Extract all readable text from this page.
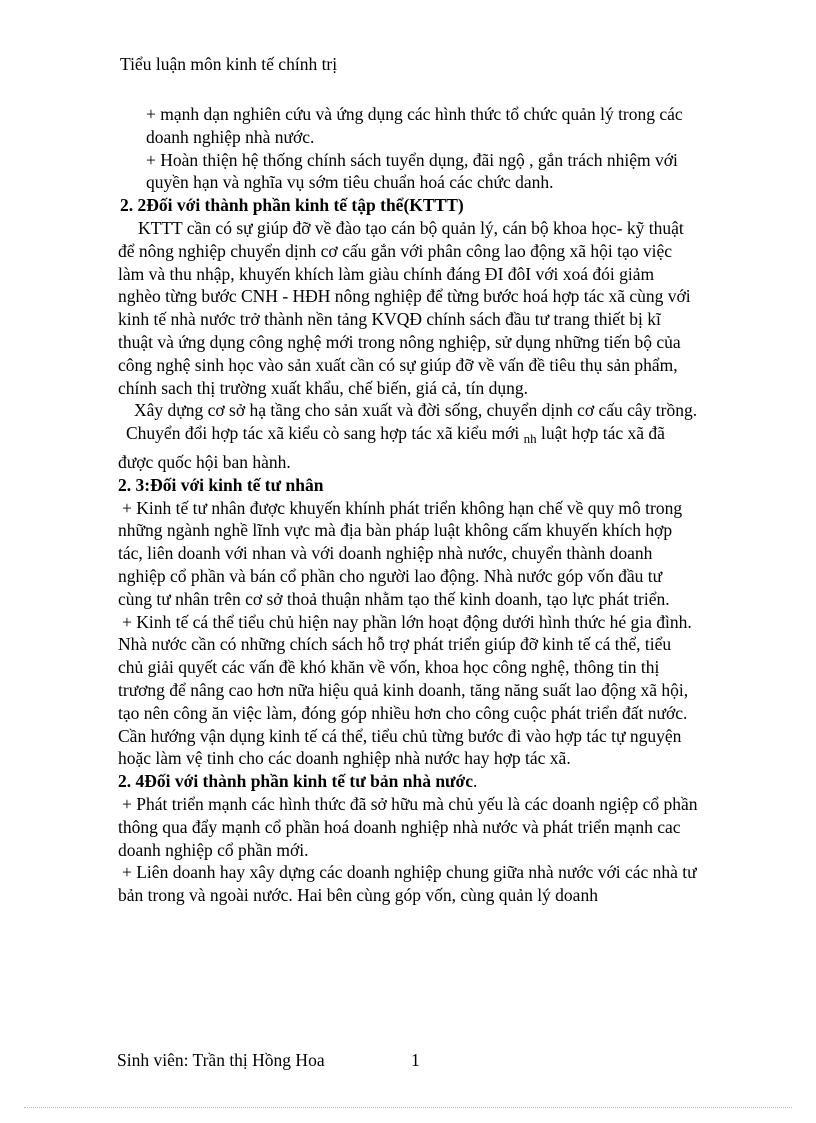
Tiểu luận môn kinh tế chính trị

+ mạnh dạn nghiên cứu và ứng dụng các hình thức tổ chức quản lý trong các doanh nghiệp nhà nước.

+ Hoàn thiện hệ thống chính sách tuyển dụng, đãi ngộ , gắn trách nhiệm với quyền hạn và nghĩa vụ sớm tiêu chuẩn hoá các chức danh.

2. 2Đối với thành phần kinh tế tập thể(KTTT)

KTTT cần có sự giúp đỡ về đào tạo cán bộ quản lý, cán bộ khoa học- kỹ thuật để nông nghiệp chuyển dịnh cơ cấu gắn với phân công lao động xã hội tạo việc làm và thu nhập, khuyến khích làm giàu chính đáng ĐI đôI với xoá đói giảm nghèo từng bước CNH - HĐH nông nghiệp để từng bước hoá hợp tác xã cùng với kinh tế nhà nước trở thành nền tảng KVQĐ chính sách đầu tư trang thiết bị kĩ thuật và ứng dụng công nghệ mới trong nông nghiệp, sử dụng những tiến bộ của công nghệ sinh học vào sản xuất cần có sự giúp đỡ về vấn đề tiêu thụ sản phẩm, chính sach thị trường xuất khẩu, chế biến, giá cả, tín dụng.

Xây dựng cơ sở hạ tầng cho sản xuất và đời sống, chuyển dịnh cơ cấu cây trồng.

Chuyển đổi hợp tác xã kiểu cò sang hợp tác xã kiểu mới $_{nh}$ luật hợp tác xã đã được quốc hội ban hành.

2. 3:Đối với kinh tế tư nhân

+ Kinh tế tư nhân được khuyến khính phát triển không hạn chế về quy mô trong những ngành nghề lĩnh vực mà địa bàn pháp luật không cấm khuyến khích hợp tác, liên doanh với nhan và với doanh nghiệp nhà nước, chuyển thành doanh nghiệp cổ phần và bán cổ phần cho người lao động. Nhà nước góp vốn đầu tư cùng tư nhân trên cơ sở thoả thuận nhằm tạo thế kinh doanh, tạo lực phát triển.

+ Kinh tế cá thể tiểu chủ hiện nay phần lớn hoạt động dưới hình thức hé gia đình. Nhà nước cần có những chích sách hỗ trợ phát triển giúp đỡ kinh tế cá thể, tiểu chủ giải quyết các vấn đề khó khăn về vốn, khoa học công nghệ, thông tin thị trương để nâng cao hơn nữa hiệu quả kinh doanh, tăng năng suất lao động xã hội, tạo nên công ăn việc làm, đóng góp nhiều hơn cho công cuộc phát triển đất nước. Cần hướng vận dụng kinh tế cá thể, tiểu chủ từng bước đi vào hợp tác tự nguyện hoặc làm vệ tinh cho các doanh nghiệp nhà nước hay hợp tác xã.

2. 4Đối với thành phần kinh tế tư bản nhà nước.

+ Phát triển mạnh các hình thức đã sở hữu mà chủ yếu là các doanh ngiệp cổ phần thông qua đẩy mạnh cổ phần hoá doanh nghiệp nhà nước và phát triển mạnh cac doanh nghiệp cổ phần mới.

+ Liên doanh hay xây dựng các doanh nghiệp chung giữa nhà nước với các nhà tư bản trong và ngoài nước. Hai bên cùng góp vốn, cùng quản lý doanh

Sinh viên: Trần thị Hồng Hoa	1
